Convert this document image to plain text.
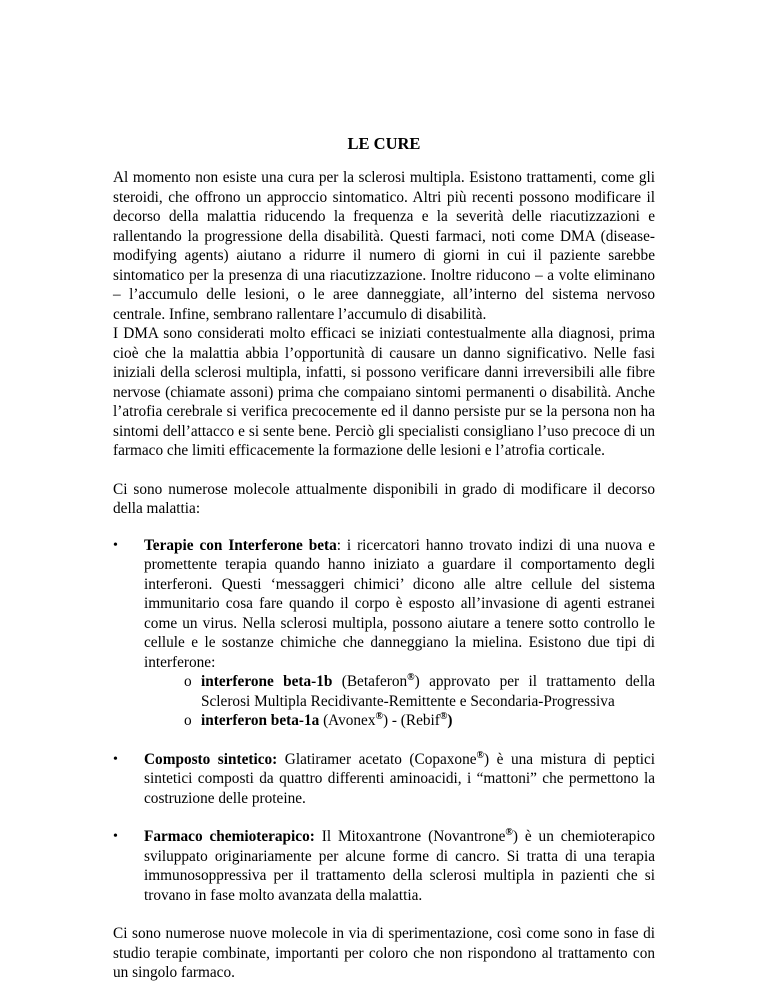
LE CURE

Al momento non esiste una cura per la sclerosi multipla. Esistono trattamenti, come gli steroidi, che offrono un approccio sintomatico. Altri più recenti possono modificare il decorso della malattia riducendo la frequenza e la severità delle riacutizzazioni e rallentando la progressione della disabilità. Questi farmaci, noti come DMA (disease-modifying agents) aiutano a ridurre il numero di giorni in cui il paziente sarebbe sintomatico per la presenza di una riacutizzazione. Inoltre riducono – a volte eliminano – l’accumulo delle lesioni, o le aree danneggiate, all’interno del sistema nervoso centrale. Infine, sembrano rallentare l’accumulo di disabilità.

I DMA sono considerati molto efficaci se iniziati contestualmente alla diagnosi, prima cioè che la malattia abbia l’opportunità di causare un danno significativo. Nelle fasi iniziali della sclerosi multipla, infatti, si possono verificare danni irreversibili alle fibre nervose (chiamate assoni) prima che compaiano sintomi permanenti o disabilità. Anche l’atrofia cerebrale si verifica precocemente ed il danno persiste pur se la persona non ha sintomi dell’attacco e si sente bene. Perciò gli specialisti consigliano l’uso precoce di un farmaco che limiti efficacemente la formazione delle lesioni e l’atrofia corticale.

Ci sono numerose molecole attualmente disponibili in grado di modificare il decorso della malattia:

• Terapie con Interferone beta: i ricercatori hanno trovato indizi di una nuova e promettente terapia quando hanno iniziato a guardare il comportamento degli interferoni. Questi ‘messaggeri chimici’ dicono alle altre cellule del sistema immunitario cosa fare quando il corpo è esposto all’invasione di agenti estranei come un virus. Nella sclerosi multipla, possono aiutare a tenere sotto controllo le cellule e le sostanze chimiche che danneggiano la mielina. Esistono due tipi di interferone:
o interferone beta-1b (Betaferon®) approvato per il trattamento della Sclerosi Multipla Recidivante-Remittente e Secondaria-Progressiva
o interferon beta-1a (Avonex®) - (Rebif®)
• Composto sintetico: Glatiramer acetato (Copaxone®) è una mistura di peptici sintetici composti da quattro differenti aminoacidi, i “mattoni” che permettono la costruzione delle proteine.
• Farmaco chemioterapico: Il Mitoxantrone (Novantrone®) è un chemioterapico sviluppato originariamente per alcune forme di cancro. Si tratta di una terapia immunosoppressiva per il trattamento della sclerosi multipla in pazienti che si trovano in fase molto avanzata della malattia.

Ci sono numerose nuove molecole in via di sperimentazione, così come sono in fase di studio terapie combinate, importanti per coloro che non rispondono al trattamento con un singolo farmaco.
